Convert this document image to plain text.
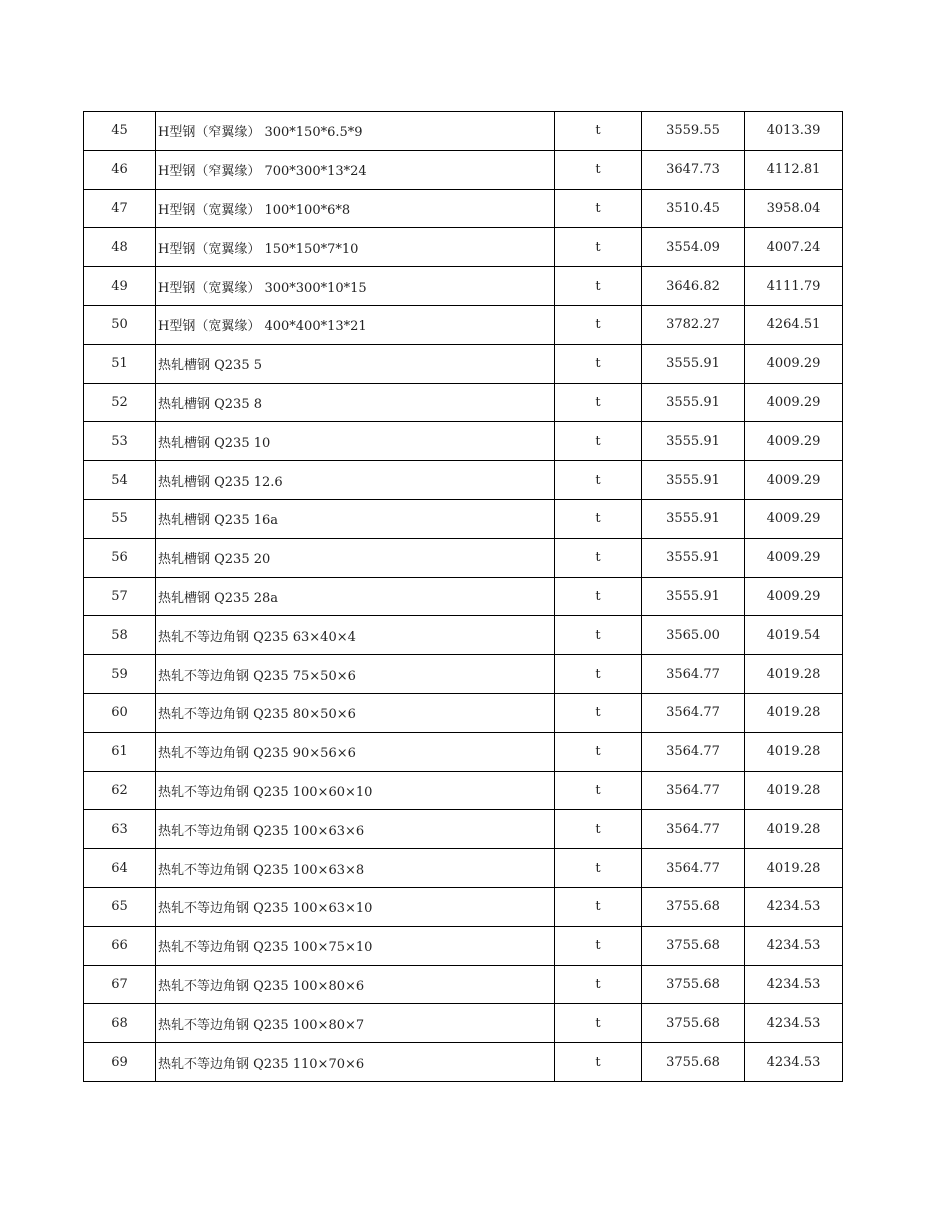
45	H型钢（窄翼缘） 300*150*6.5*9	t	3559.55	4013.39
46	H型钢（窄翼缘） 700*300*13*24	t	3647.73	4112.81
47	H型钢（宽翼缘） 100*100*6*8	t	3510.45	3958.04
48	H型钢（宽翼缘） 150*150*7*10	t	3554.09	4007.24
49	H型钢（宽翼缘） 300*300*10*15	t	3646.82	4111.79
50	H型钢（宽翼缘） 400*400*13*21	t	3782.27	4264.51
51	热轧槽钢 Q235 5	t	3555.91	4009.29
52	热轧槽钢 Q235 8	t	3555.91	4009.29
53	热轧槽钢 Q235 10	t	3555.91	4009.29
54	热轧槽钢 Q235 12.6	t	3555.91	4009.29
55	热轧槽钢 Q235 16a	t	3555.91	4009.29
56	热轧槽钢 Q235 20	t	3555.91	4009.29
57	热轧槽钢 Q235 28a	t	3555.91	4009.29
58	热轧不等边角钢 Q235 63×40×4	t	3565.00	4019.54
59	热轧不等边角钢 Q235 75×50×6	t	3564.77	4019.28
60	热轧不等边角钢 Q235 80×50×6	t	3564.77	4019.28
61	热轧不等边角钢 Q235 90×56×6	t	3564.77	4019.28
62	热轧不等边角钢 Q235 100×60×10	t	3564.77	4019.28
63	热轧不等边角钢 Q235 100×63×6	t	3564.77	4019.28
64	热轧不等边角钢 Q235 100×63×8	t	3564.77	4019.28
65	热轧不等边角钢 Q235 100×63×10	t	3755.68	4234.53
66	热轧不等边角钢 Q235 100×75×10	t	3755.68	4234.53
67	热轧不等边角钢 Q235 100×80×6	t	3755.68	4234.53
68	热轧不等边角钢 Q235 100×80×7	t	3755.68	4234.53
69	热轧不等边角钢 Q235 110×70×6	t	3755.68	4234.53
